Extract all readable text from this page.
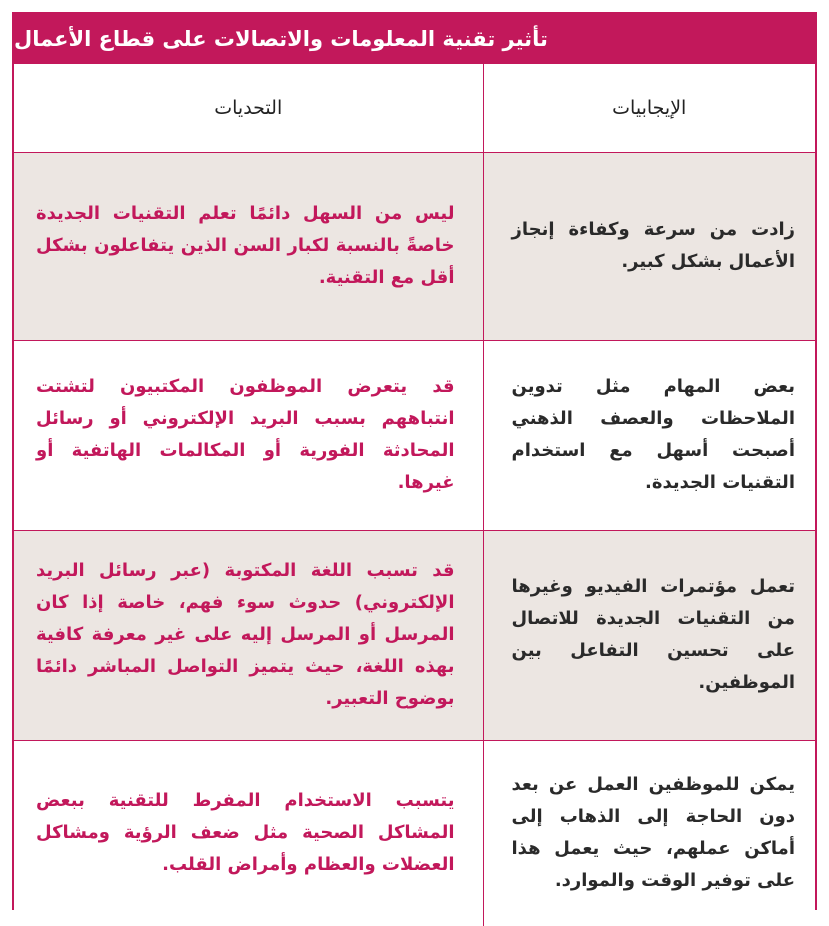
تأثير تقنية المعلومات والاتصالات على قطاع الأعمال
الإيجابيات	التحديات
زادت من سرعة وكفاءة إنجاز الأعمال بشكل كبير.	ليس من السهل دائمًا تعلم التقنيات الجديدة خاصةً بالنسبة لكبار السن الذين يتفاعلون بشكل أقل مع التقنية.
بعض المهام مثل تدوين الملاحظات والعصف الذهني أصبحت أسهل مع استخدام التقنيات الجديدة.	قد يتعرض الموظفون المكتبيون لتشتت انتباههم بسبب البريد الإلكتروني أو رسائل المحادثة الفورية أو المكالمات الهاتفية أو غيرها.
تعمل مؤتمرات الفيديو وغيرها من التقنيات الجديدة للاتصال على تحسين التفاعل بين الموظفين.	قد تسبب اللغة المكتوبة (عبر رسائل البريد الإلكتروني) حدوث سوء فهم، خاصة إذا كان المرسل أو المرسل إليه على غير معرفة كافية بهذه اللغة، حيث يتميز التواصل المباشر دائمًا بوضوح التعبير.
يمكن للموظفين العمل عن بعد دون الحاجة إلى الذهاب إلى أماكن عملهم، حيث يعمل هذا على توفير الوقت والموارد.	يتسبب الاستخدام المفرط للتقنية ببعض المشاكل الصحية مثل ضعف الرؤية ومشاكل العضلات والعظام وأمراض القلب.
